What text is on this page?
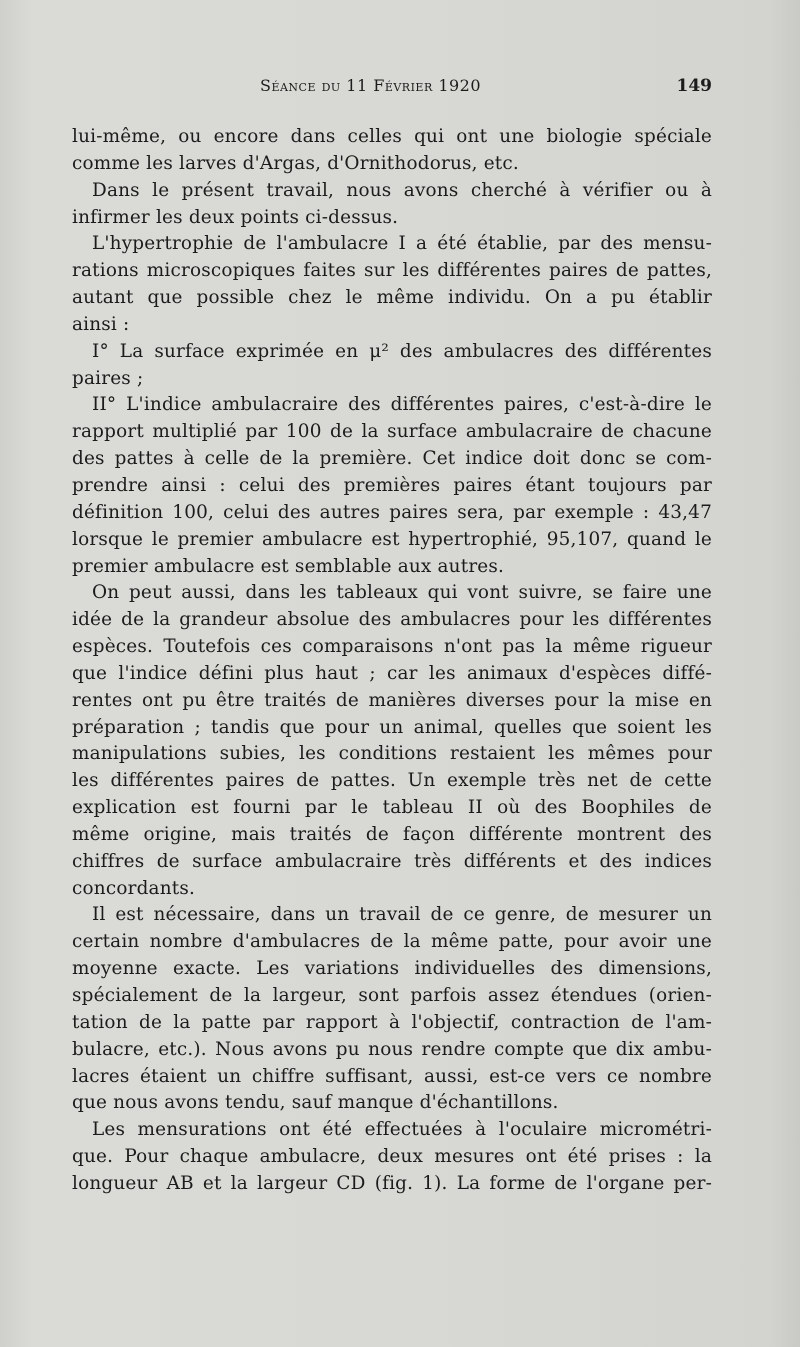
Séance du 11 Février 1920	149
lui-même, ou encore dans celles qui ont une biologie spéciale
comme les larves d'Argas, d'Ornithodorus, etc.
Dans le présent travail, nous avons cherché à vérifier ou à
infirmer les deux points ci-dessus.
L'hypertrophie de l'ambulacre I a été établie, par des mensu-
rations microscopiques faites sur les différentes paires de pattes,
autant que possible chez le même individu. On a pu établir
ainsi :
I° La surface exprimée en μ² des ambulacres des différentes
paires ;
II° L'indice ambulacraire des différentes paires, c'est-à-dire le
rapport multiplié par 100 de la surface ambulacraire de chacune
des pattes à celle de la première. Cet indice doit donc se com-
prendre ainsi : celui des premières paires étant toujours par
définition 100, celui des autres paires sera, par exemple : 43,47
lorsque le premier ambulacre est hypertrophié, 95,107, quand le
premier ambulacre est semblable aux autres.
On peut aussi, dans les tableaux qui vont suivre, se faire une
idée de la grandeur absolue des ambulacres pour les différentes
espèces. Toutefois ces comparaisons n'ont pas la même rigueur
que l'indice défini plus haut ; car les animaux d'espèces diffé-
rentes ont pu être traités de manières diverses pour la mise en
préparation ; tandis que pour un animal, quelles que soient les
manipulations subies, les conditions restaient les mêmes pour
les différentes paires de pattes. Un exemple très net de cette
explication est fourni par le tableau II où des Boophiles de
même origine, mais traités de façon différente montrent des
chiffres de surface ambulacraire très différents et des indices
concordants.
Il est nécessaire, dans un travail de ce genre, de mesurer un
certain nombre d'ambulacres de la même patte, pour avoir une
moyenne exacte. Les variations individuelles des dimensions,
spécialement de la largeur, sont parfois assez étendues (orien-
tation de la patte par rapport à l'objectif, contraction de l'am-
bulacre, etc.). Nous avons pu nous rendre compte que dix ambu-
lacres étaient un chiffre suffisant, aussi, est-ce vers ce nombre
que nous avons tendu, sauf manque d'échantillons.
Les mensurations ont été effectuées à l'oculaire micrométri-
que. Pour chaque ambulacre, deux mesures ont été prises : la
longueur AB et la largeur CD (fig. 1). La forme de l'organe per-
